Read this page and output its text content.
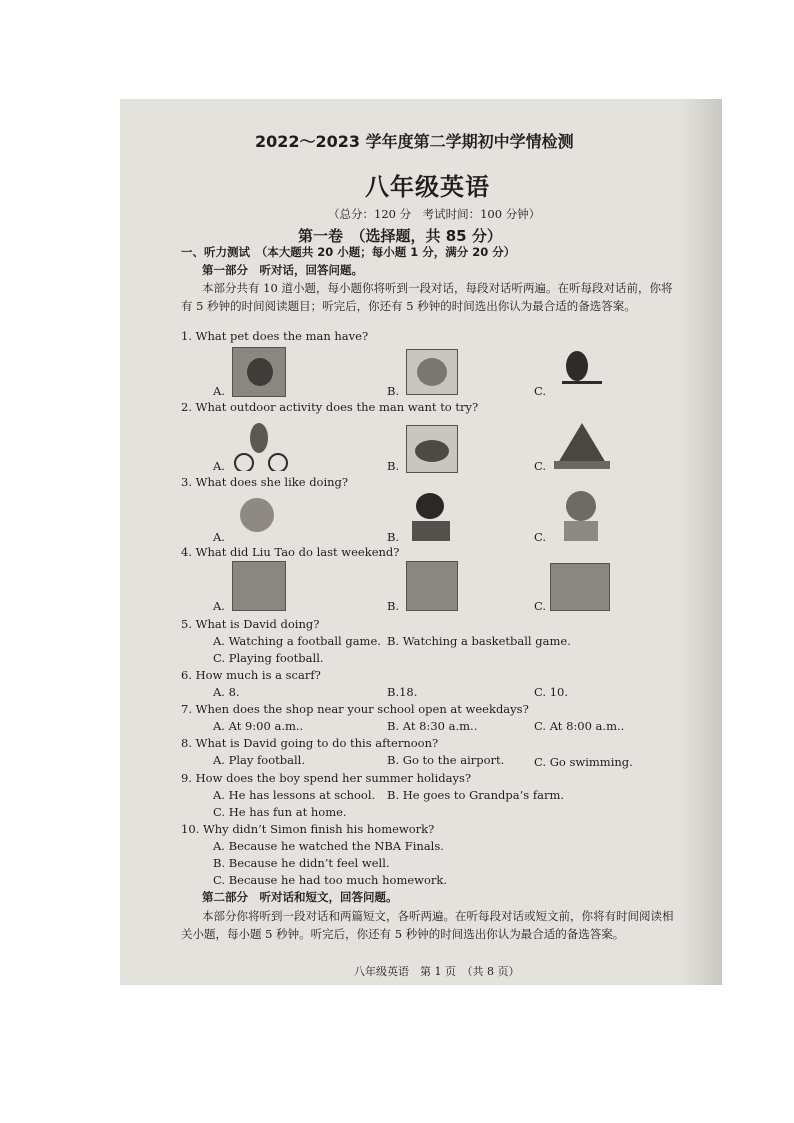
2022～2023 学年度第二学期初中学情检测
八年级英语
（总分：120 分　考试时间：100 分钟）
第一卷　（选择题，共 85 分）
一、听力测试　（本大题共 20 小题；每小题 1 分，满分 20 分）
第一部分　听对话，回答问题。
本部分共有 10 道小题，每小题你将听到一段对话，每段对话听两遍。在听每段对话前，你将有 5 秒钟的时间阅读题目；听完后，你还有 5 秒钟的时间选出你认为最合适的备选答案。
1. What pet does the man have?
A.	B.	C.
2. What outdoor activity does the man want to try?
A.	B.	C.
3. What does she like doing?
A.	B.	C.
4. What did Liu Tao do last weekend?
A.	B.	C.
5. What is David doing?
A. Watching a football game. B. Watching a basketball game.
C. Playing football.
6. How much is a scarf?
A. 8.	B.18.	C. 10.
7. When does the shop near your school open at weekdays?
A. At 9:00 a.m..	B. At 8:30 a.m..	C. At 8:00 a.m..
8. What is David going to do this afternoon?
A. Play football.	B. Go to the airport.	C. Go swimming.
9. How does the boy spend her summer holidays?
A. He has lessons at school. B. He goes to Grandpa’s farm.
C. He has fun at home.
10. Why didn’t Simon finish his homework?
A. Because he watched the NBA Finals.
B. Because he didn’t feel well.
C. Because he had too much homework.
第二部分　听对话和短文，回答问题。
本部分你将听到一段对话和两篇短文，各听两遍。在听每段对话或短文前，你将有时间阅读相关小题，每小题 5 秒钟。听完后，你还有 5 秒钟的时间选出你认为最合适的备选答案。
八年级英语　第 1 页　（共 8 页）
